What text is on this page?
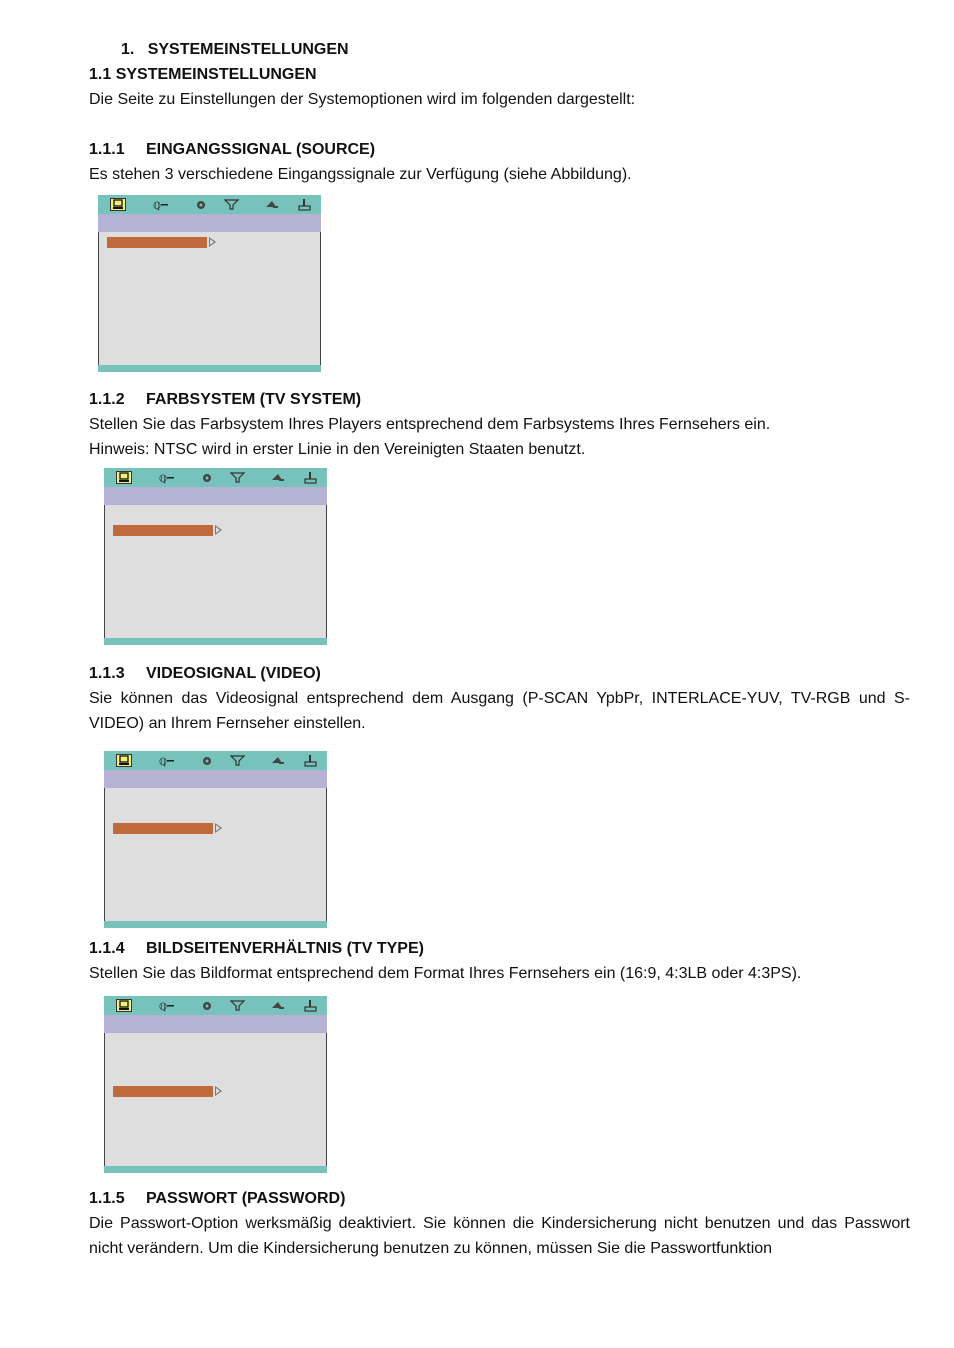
1. SYSTEMEINSTELLUNGEN
1.1 SYSTEMEINSTELLUNGEN
Die Seite zu Einstellungen der Systemoptionen wird im folgenden dargestellt:
1.1.1 EINGANGSSIGNAL (SOURCE)
Es stehen 3 verschiedene Eingangssignale zur Verfügung (siehe Abbildung).
ℚ
1.1.2 FARBSYSTEM (TV SYSTEM)
Stellen Sie das Farbsystem Ihres Players entsprechend dem Farbsystems Ihres Fernsehers ein.
Hinweis: NTSC wird in erster Linie in den Vereinigten Staaten benutzt.
ℚ
1.1.3 VIDEOSIGNAL (VIDEO)
Sie können das Videosignal entsprechend dem Ausgang (P-SCAN YpbPr, INTERLACE-YUV, TV-RGB und S-VIDEO) an Ihrem Fernseher einstellen.
ℚ
1.1.4 BILDSEITENVERHÄLTNIS (TV TYPE)
Stellen Sie das Bildformat entsprechend dem Format Ihres Fernsehers ein (16:9, 4:3LB oder 4:3PS).
ℚ
1.1.5 PASSWORT (PASSWORD)
Die Passwort-Option werksmäßig deaktiviert. Sie können die Kindersicherung nicht benutzen und das Passwort nicht verändern. Um die Kindersicherung benutzen zu können, müssen Sie die Passwortfunktion
